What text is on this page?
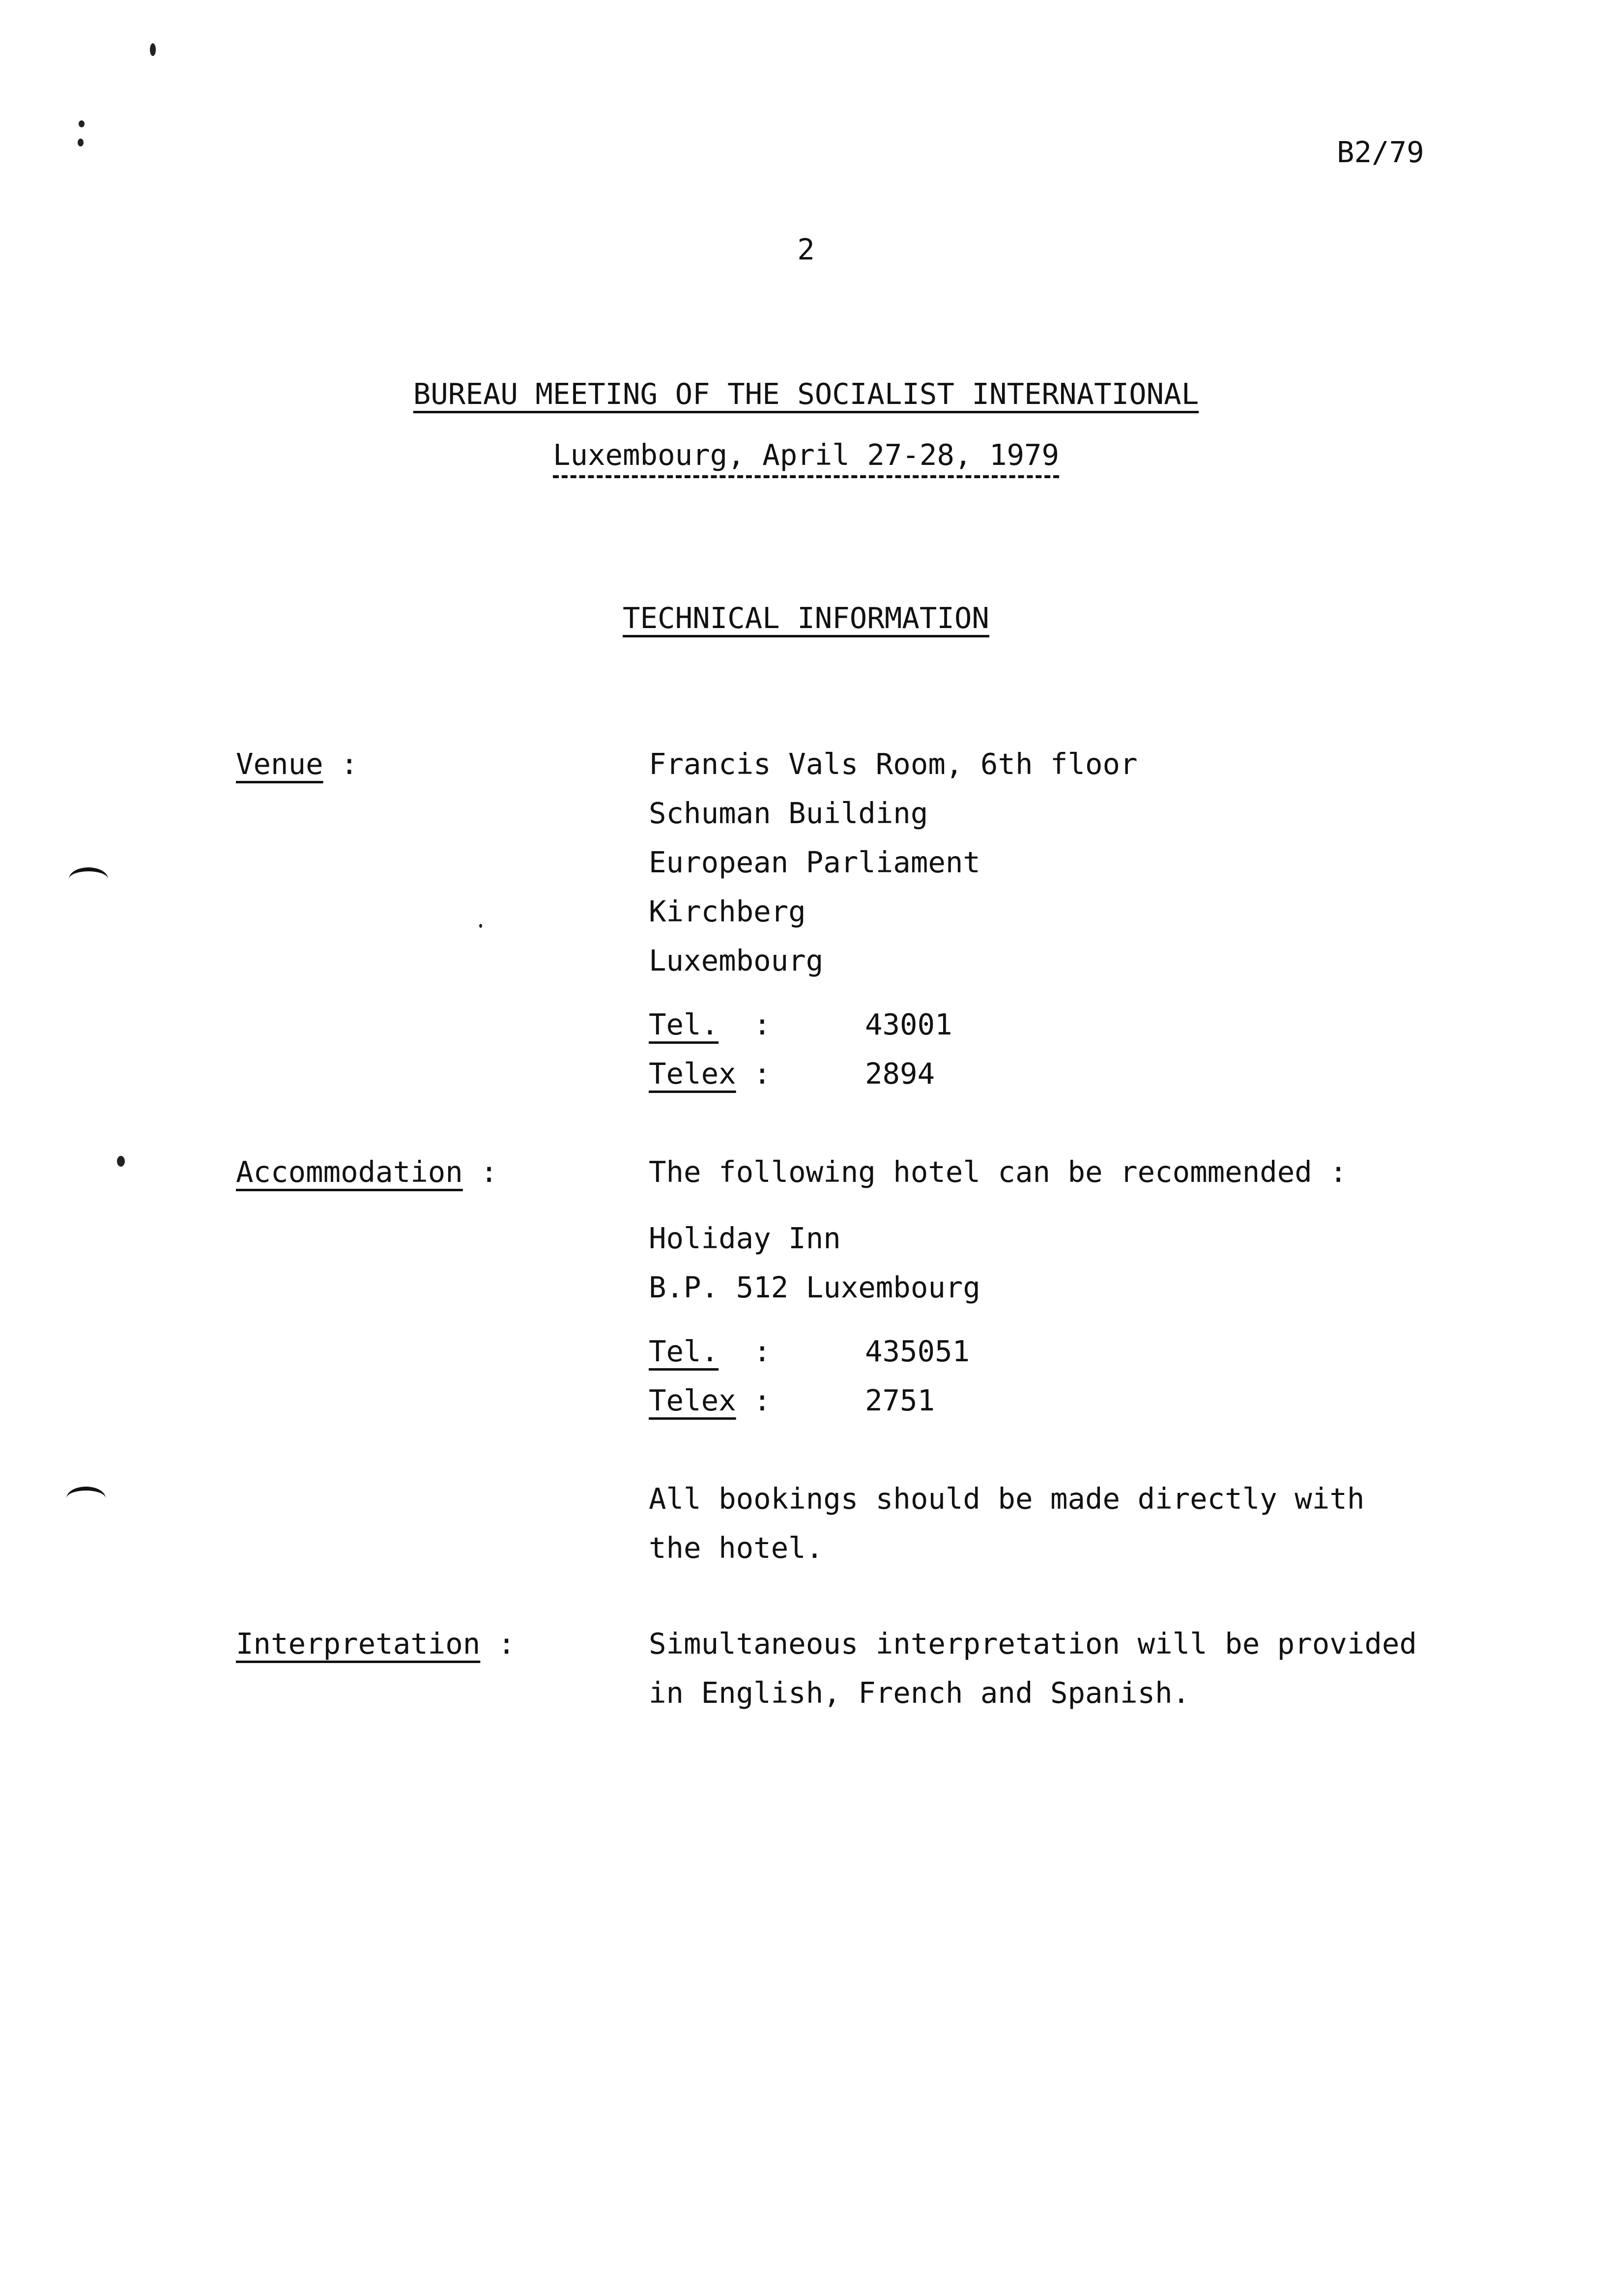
B2/79
2
BUREAU MEETING OF THE SOCIALIST INTERNATIONAL
Luxembourg, April 27-28, 1979
TECHNICAL INFORMATION
Venue :	Francis Vals Room, 6th floor
Schuman Building
European Parliament
Kirchberg
Luxembourg
Tel.  :	43001
Telex :	2894
Accommodation :	The following hotel can be recommended :
Holiday Inn
B.P. 512 Luxembourg
Tel.  :	435051
Telex :	2751
All bookings should be made directly with
the hotel.
Interpretation :	Simultaneous interpretation will be provided
in English, French and Spanish.
